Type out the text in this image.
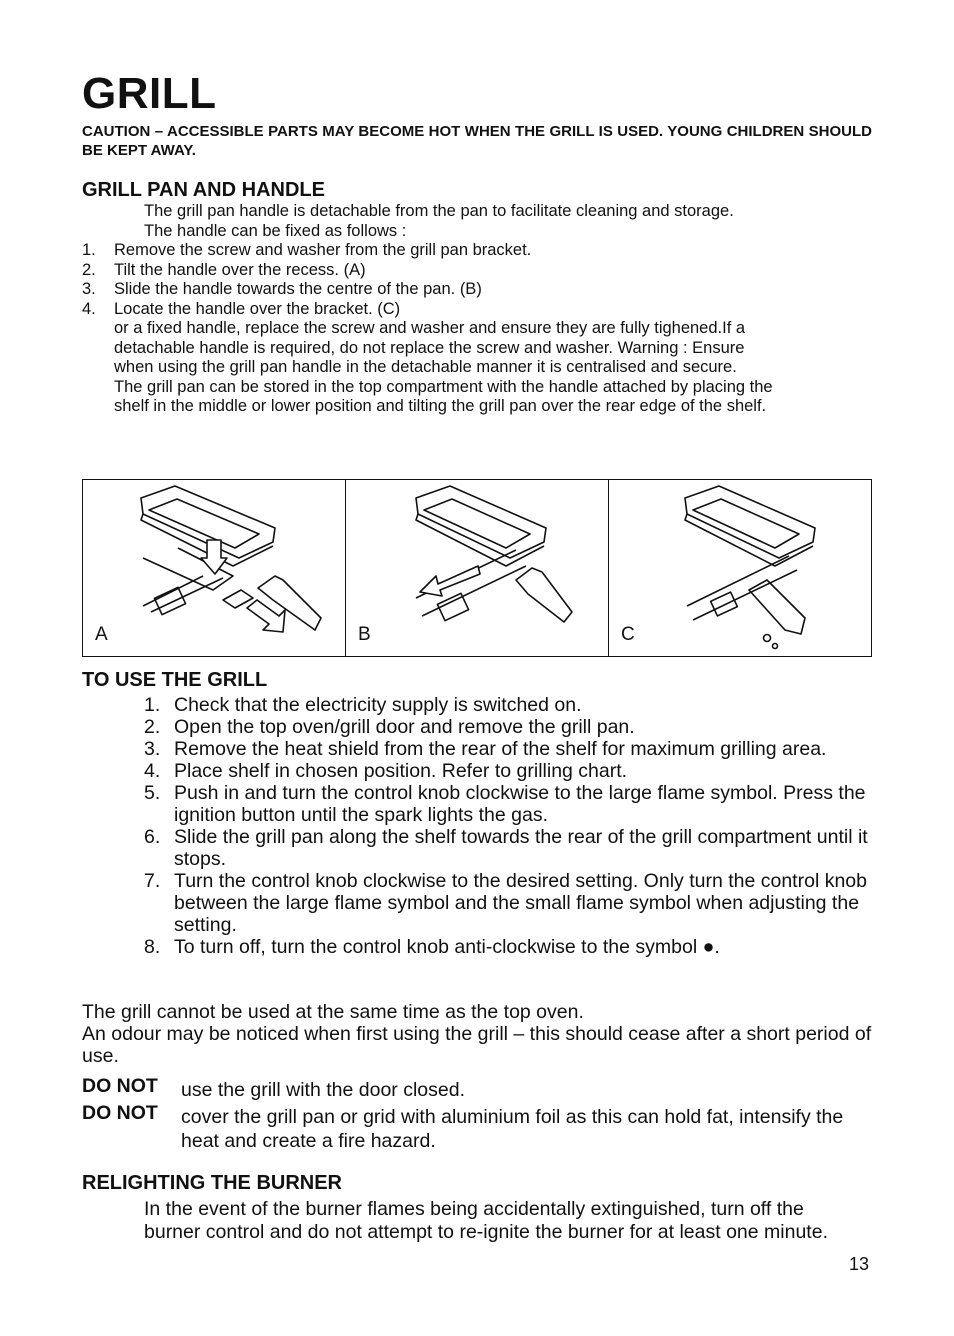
GRILL
CAUTION – ACCESSIBLE PARTS MAY BECOME HOT WHEN THE GRILL IS USED. YOUNG CHILDREN SHOULD BE KEPT AWAY.
GRILL PAN AND HANDLE
The grill pan handle is detachable from the pan to facilitate cleaning and storage.
The handle can be fixed as follows :
1.	Remove the screw and washer from the grill pan bracket.
2.	Tilt the handle over the recess. (A)
3.	Slide the handle towards the centre of the pan. (B)
4.	Locate the handle over the bracket. (C)
or a fixed handle, replace the screw and washer and ensure they are fully tighened.If a detachable handle is required, do not replace the screw and washer. Warning : Ensure when using the grill pan handle in the detachable manner it is centralised and secure.
The grill pan can be stored in the top compartment with the handle attached by placing the shelf in the middle or lower position and tilting the grill pan over the rear edge of the shelf.
A	B	C
TO USE THE GRILL
1. Check that the electricity supply is switched on.
2. Open the top oven/grill door and remove the grill pan.
3. Remove the heat shield from the rear of the shelf for maximum grilling area.
4. Place shelf in chosen position. Refer to grilling chart.
5. Push in and turn the control knob clockwise to the large flame symbol. Press the ignition button until the spark lights the gas.
6. Slide the grill pan along the shelf towards the rear of the grill compartment until it stops.
7. Turn the control knob clockwise to the desired setting. Only turn the control knob between the large flame symbol and the small flame symbol when adjusting the setting.
8. To turn off, turn the control knob anti-clockwise to the symbol ●.
The grill cannot be used at the same time as the top oven.
An odour may be noticed when first using the grill – this should cease after a short period of use.
DO NOT use the grill with the door closed.
DO NOT cover the grill pan or grid with aluminium foil as this can hold fat, intensify the heat and create a fire hazard.
RELIGHTING THE BURNER
In the event of the burner flames being accidentally extinguished, turn off the burner control and do not attempt to re-ignite the burner for at least one minute.
13
